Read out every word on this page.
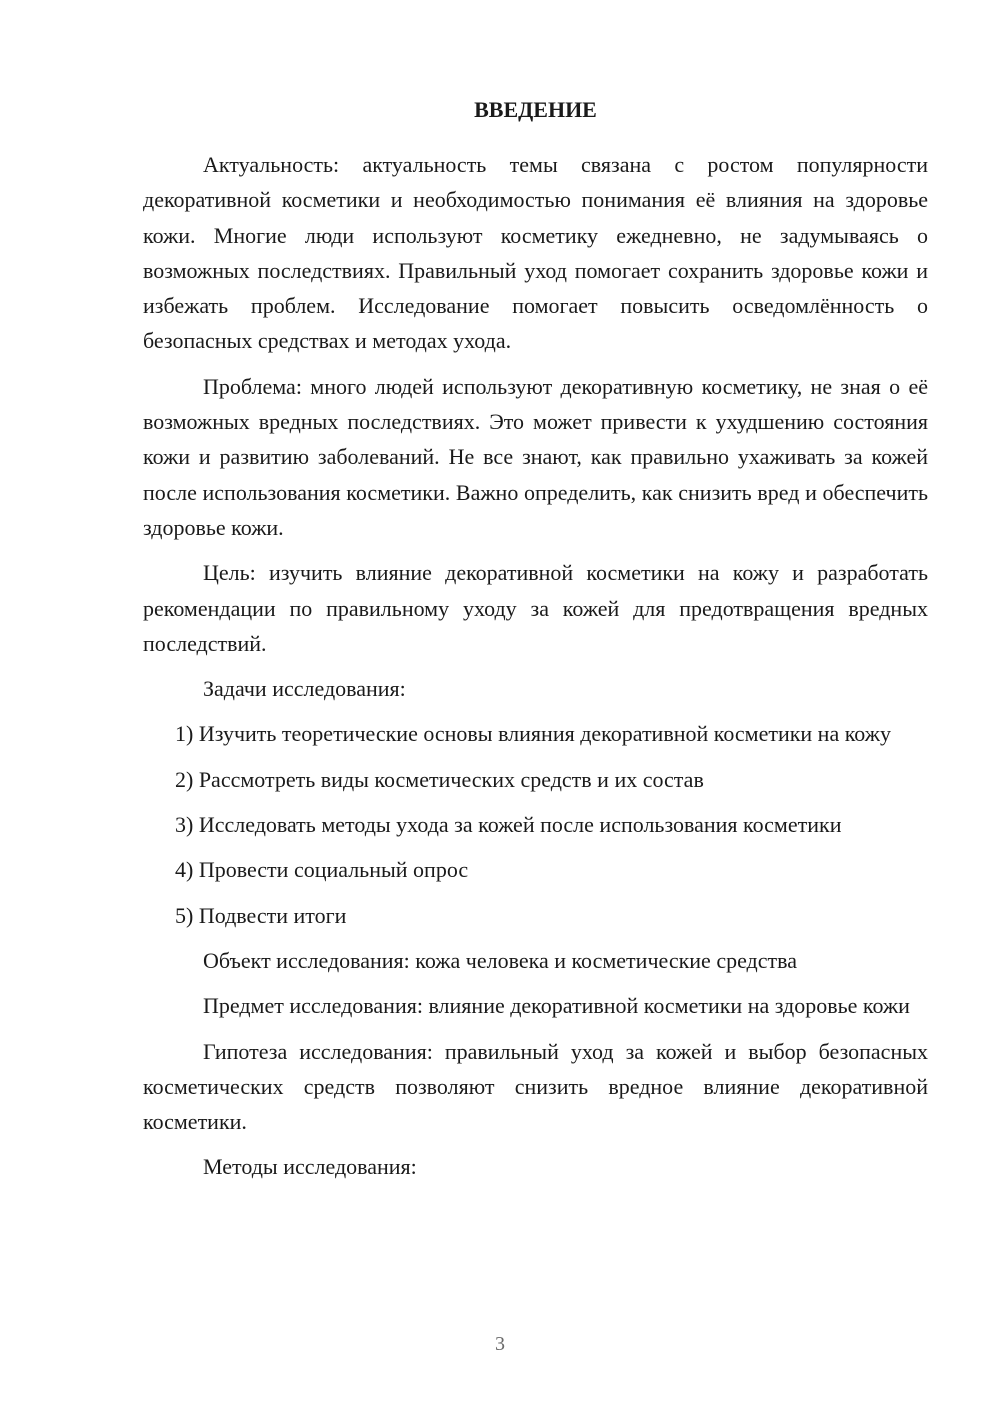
ВВЕДЕНИЕ

Актуальность: актуальность темы связана с ростом популярности декоративной косметики и необходимостью понимания её влияния на здоровье кожи. Многие люди используют косметику ежедневно, не задумываясь о возможных последствиях. Правильный уход помогает сохранить здоровье кожи и избежать проблем. Исследование помогает повысить осведомлённость о безопасных средствах и методах ухода.

Проблема: много людей используют декоративную косметику, не зная о её возможных вредных последствиях. Это может привести к ухудшению состояния кожи и развитию заболеваний. Не все знают, как правильно ухаживать за кожей после использования косметики. Важно определить, как снизить вред и обеспечить здоровье кожи.

Цель: изучить влияние декоративной косметики на кожу и разработать рекомендации по правильному уходу за кожей для предотвращения вредных последствий.

Задачи исследования:

1) Изучить теоретические основы влияния декоративной косметики на кожу

2) Рассмотреть виды косметических средств и их состав

3) Исследовать методы ухода за кожей после использования косметики

4) Провести социальный опрос

5) Подвести итоги

Объект исследования: кожа человека и косметические средства

Предмет исследования: влияние декоративной косметики на здоровье кожи

Гипотеза исследования: правильный уход за кожей и выбор безопасных косметических средств позволяют снизить вредное влияние декоративной косметики.

Методы исследования:

3
